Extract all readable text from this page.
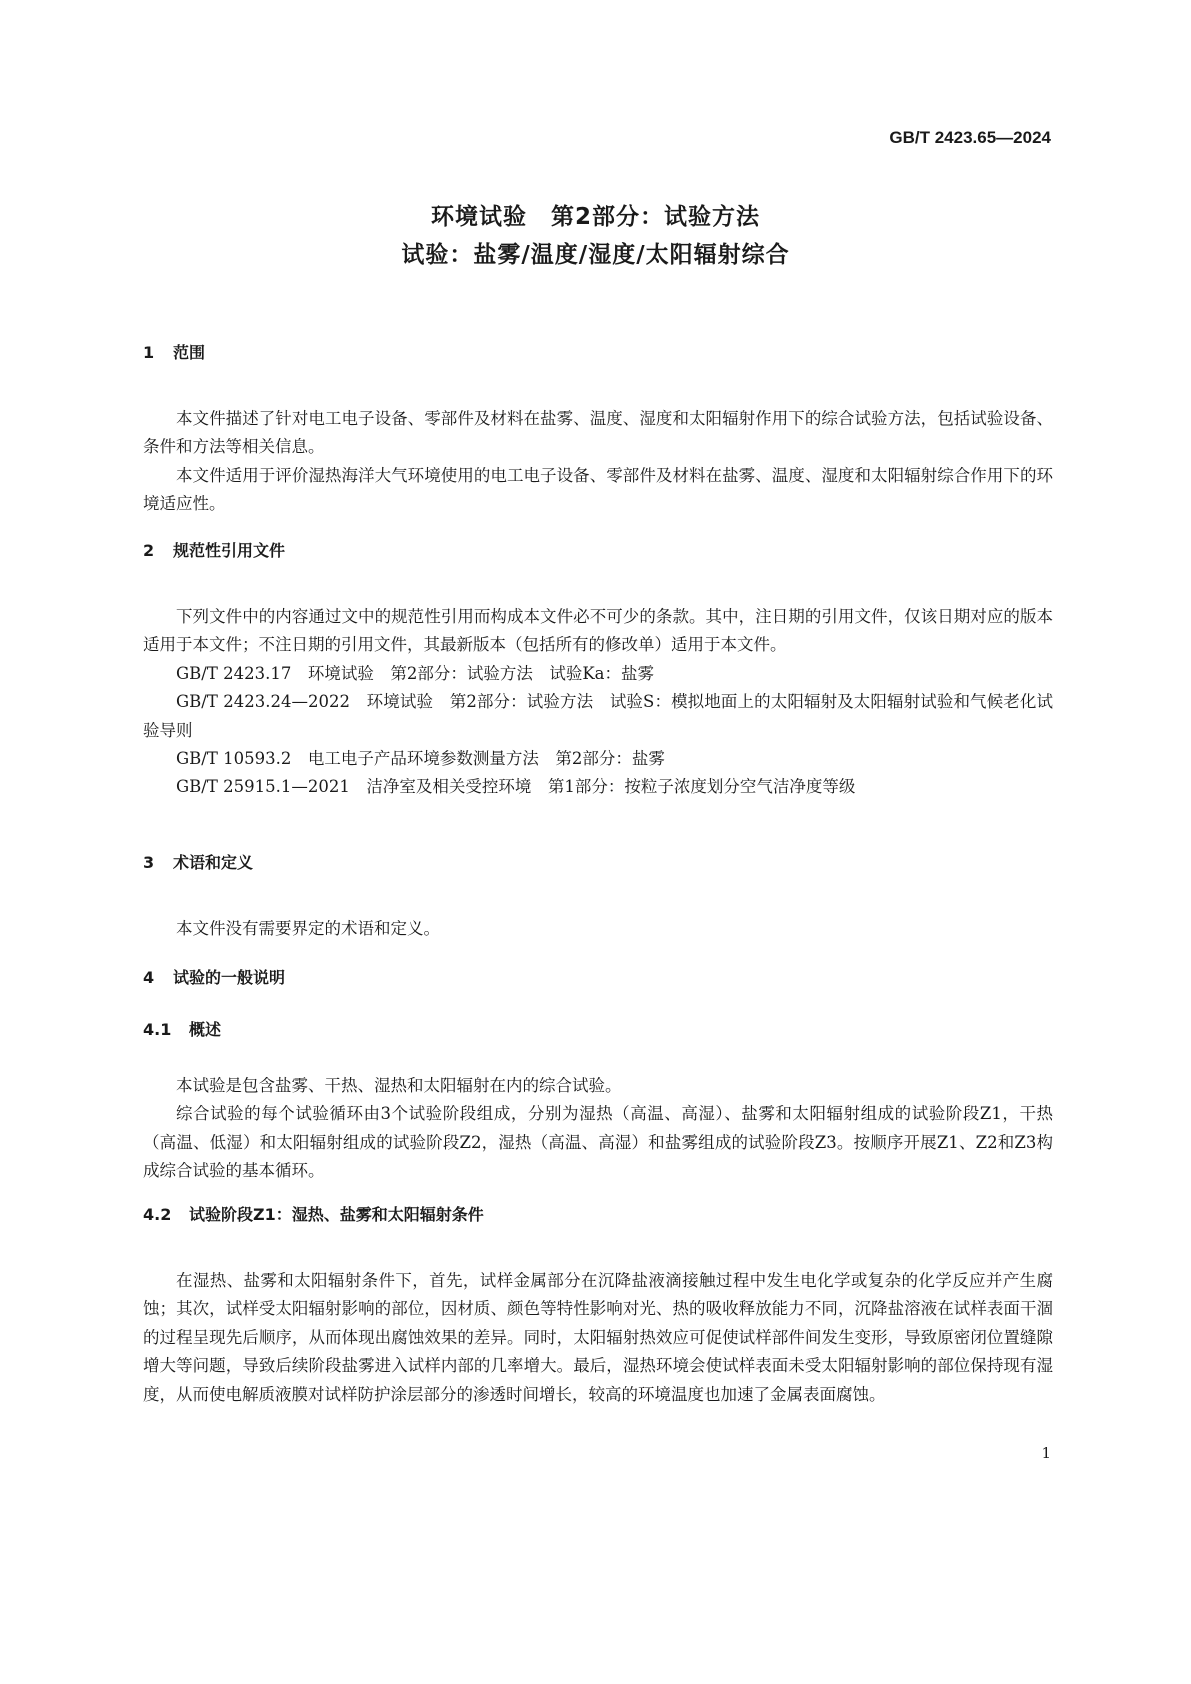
GB/T 2423.65—2024
环境试验　第2部分：试验方法
试验：盐雾/温度/湿度/太阳辐射综合
1 范围

本文件描述了针对电工电子设备、零部件及材料在盐雾、温度、湿度和太阳辐射作用下的综合试验方法，包括试验设备、条件和方法等相关信息。

本文件适用于评价湿热海洋大气环境使用的电工电子设备、零部件及材料在盐雾、温度、湿度和太阳辐射综合作用下的环境适应性。

2 规范性引用文件

下列文件中的内容通过文中的规范性引用而构成本文件必不可少的条款。其中，注日期的引用文件，仅该日期对应的版本适用于本文件；不注日期的引用文件，其最新版本（包括所有的修改单）适用于本文件。

GB/T 2423.17　环境试验　第2部分：试验方法　试验Ka：盐雾

GB/T 2423.24—2022　环境试验　第2部分：试验方法　试验S：模拟地面上的太阳辐射及太阳辐射试验和气候老化试验导则

GB/T 10593.2　电工电子产品环境参数测量方法　第2部分：盐雾

GB/T 25915.1—2021　洁净室及相关受控环境　第1部分：按粒子浓度划分空气洁净度等级

3 术语和定义

本文件没有需要界定的术语和定义。

4 试验的一般说明
4.1 概述

本试验是包含盐雾、干热、湿热和太阳辐射在内的综合试验。

综合试验的每个试验循环由3个试验阶段组成，分别为湿热（高温、高湿）、盐雾和太阳辐射组成的试验阶段Z1，干热（高温、低湿）和太阳辐射组成的试验阶段Z2，湿热（高温、高湿）和盐雾组成的试验阶段Z3。按顺序开展Z1、Z2和Z3构成综合试验的基本循环。

4.2 试验阶段Z1：湿热、盐雾和太阳辐射条件

在湿热、盐雾和太阳辐射条件下，首先，试样金属部分在沉降盐液滴接触过程中发生电化学或复杂的化学反应并产生腐蚀；其次，试样受太阳辐射影响的部位，因材质、颜色等特性影响对光、热的吸收释放能力不同，沉降盐溶液在试样表面干涸的过程呈现先后顺序，从而体现出腐蚀效果的差异。同时，太阳辐射热效应可促使试样部件间发生变形，导致原密闭位置缝隙增大等问题，导致后续阶段盐雾进入试样内部的几率增大。最后，湿热环境会使试样表面未受太阳辐射影响的部位保持现有湿度，从而使电解质液膜对试样防护涂层部分的渗透时间增长，较高的环境温度也加速了金属表面腐蚀。

1
